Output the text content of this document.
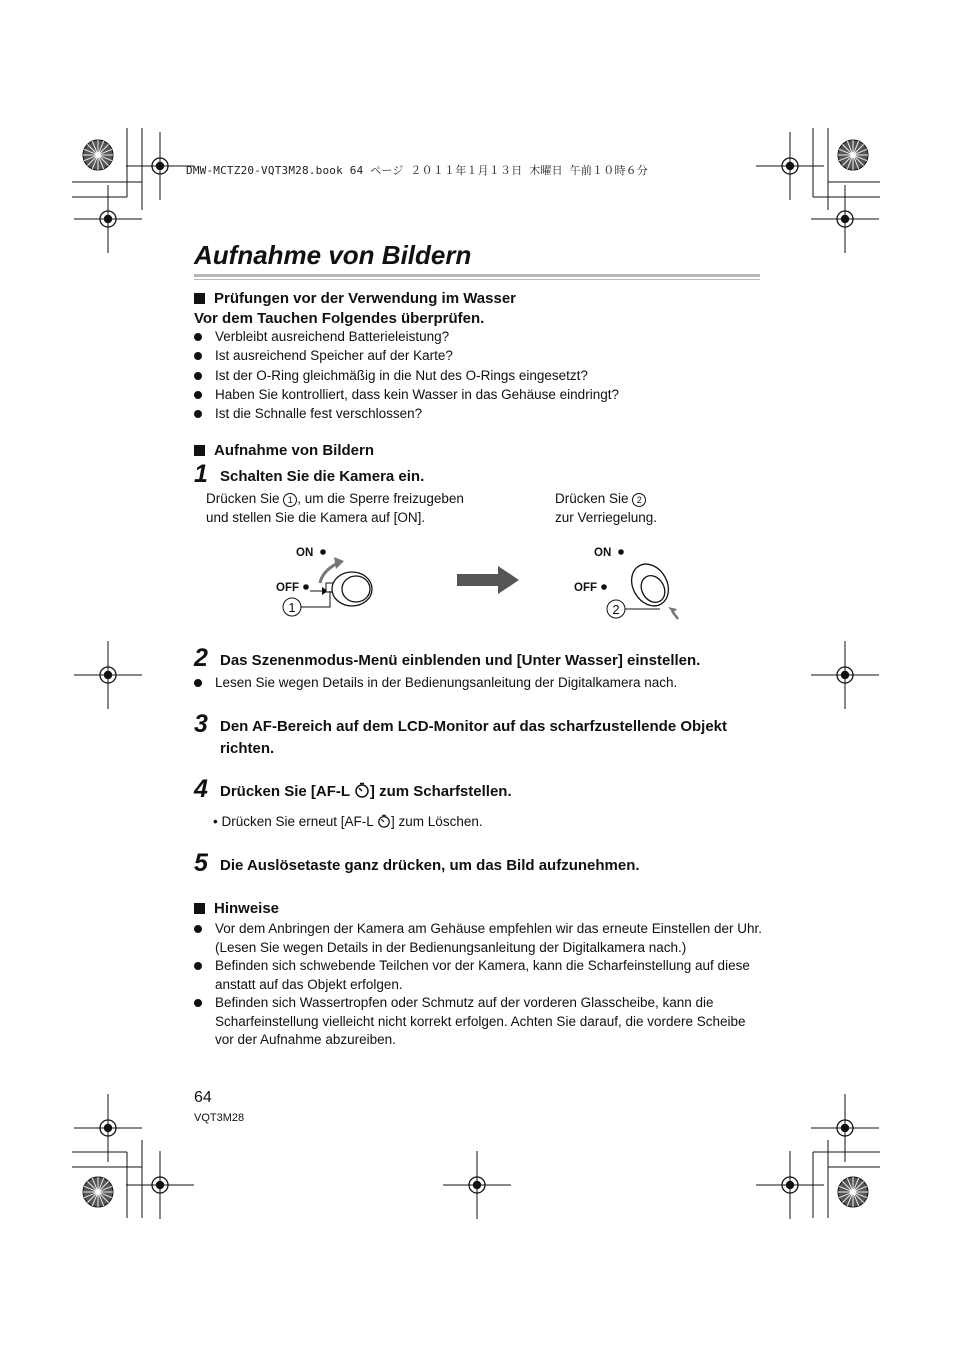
DMW-MCTZ20-VQT3M28.book 64 ページ ２０１１年１月１３日 木曜日 午前１０時６分
Aufnahme von Bildern
Prüfungen vor der Verwendung im Wasser
Vor dem Tauchen Folgendes überprüfen.
Verbleibt ausreichend Batterieleistung?
Ist ausreichend Speicher auf der Karte?
Ist der O-Ring gleichmäßig in die Nut des O-Rings eingesetzt?
Haben Sie kontrolliert, dass kein Wasser in das Gehäuse eindringt?
Ist die Schnalle fest verschlossen?
Aufnahme von Bildern
1 Schalten Sie die Kamera ein.
Drücken Sie 1 , um die Sperre freizugeben
und stellen Sie die Kamera auf [ON].
Drücken Sie 2
zur Verriegelung.
ON
OFF
1
ON
OFF
2
2 Das Szenenmodus-Menü einblenden und [Unter Wasser] einstellen.
Lesen Sie wegen Details in der Bedienungsanleitung der Digitalkamera nach.
3 Den AF-Bereich auf dem LCD-Monitor auf das scharfzustellende Objekt richten.
4 Drücken Sie [AF-L ] zum Scharfstellen.
• Drücken Sie erneut [AF-L ] zum Löschen.
5 Die Auslösetaste ganz drücken, um das Bild aufzunehmen.
Hinweise
Vor dem Anbringen der Kamera am Gehäuse empfehlen wir das erneute Einstellen der Uhr. (Lesen Sie wegen Details in der Bedienungsanleitung der Digitalkamera nach.)
Befinden sich schwebende Teilchen vor der Kamera, kann die Scharfeinstellung auf diese anstatt auf das Objekt erfolgen.
Befinden sich Wassertropfen oder Schmutz auf der vorderen Glasscheibe, kann die Scharfeinstellung vielleicht nicht korrekt erfolgen. Achten Sie darauf, die vordere Scheibe vor der Aufnahme abzureiben.
64
VQT3M28
